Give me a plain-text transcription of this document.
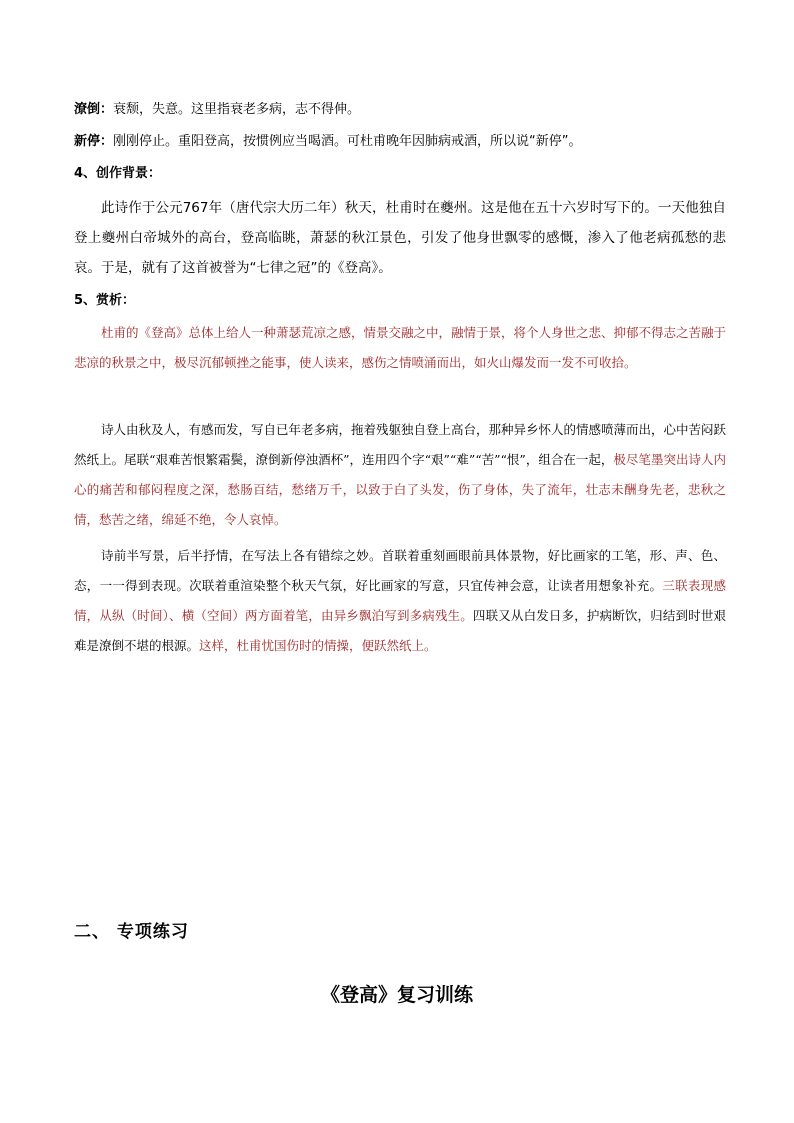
潦倒：衰颓，失意。这里指衰老多病，志不得伸。
新停：刚刚停止。重阳登高，按惯例应当喝酒。可杜甫晚年因肺病戒酒，所以说“新停”。
4、创作背景：
此诗作于公元767年（唐代宗大历二年）秋天，杜甫时在夔州。这是他在五十六岁时写下的。一天他独自登上夔州白帝城外的高台，登高临眺，萧瑟的秋江景色，引发了他身世飘零的感慨，渗入了他老病孤愁的悲哀。于是，就有了这首被誉为“七律之冠”的《登高》。
5、赏析：
杜甫的《登高》总体上给人一种萧瑟荒凉之感，情景交融之中，融情于景，将个人身世之悲、抑郁不得志之苦融于悲凉的秋景之中，极尽沉郁顿挫之能事，使人读来，感伤之情喷涌而出，如火山爆发而一发不可收拾。
诗人由秋及人，有感而发，写自已年老多病，拖着残躯独自登上高台，那种异乡怀人的情感喷薄而出，心中苦闷跃然纸上。尾联“艰难苦恨繁霜鬓，潦倒新停浊酒杯”，连用四个字“艰”“难”“苦”“恨”，组合在一起，极尽笔墨突出诗人内心的痛苦和郁闷程度之深，愁肠百结，愁绪万千，以致于白了头发，伤了身体，失了流年，壮志未酬身先老，悲秋之情，愁苦之绪，绵延不绝，令人哀悼。
诗前半写景，后半抒情，在写法上各有错综之妙。首联着重刻画眼前具体景物，好比画家的工笔，形、声、色、态，一一得到表现。次联着重渲染整个秋天气氛，好比画家的写意，只宜传神会意，让读者用想象补充。三联表现感情，从纵（时间）、横（空间）两方面着笔，由异乡飘泊写到多病残生。四联又从白发日多，护病断饮，归结到时世艰难是潦倒不堪的根源。这样，杜甫忧国伤时的情操，便跃然纸上。
二、 专项练习
《登高》复习训练
